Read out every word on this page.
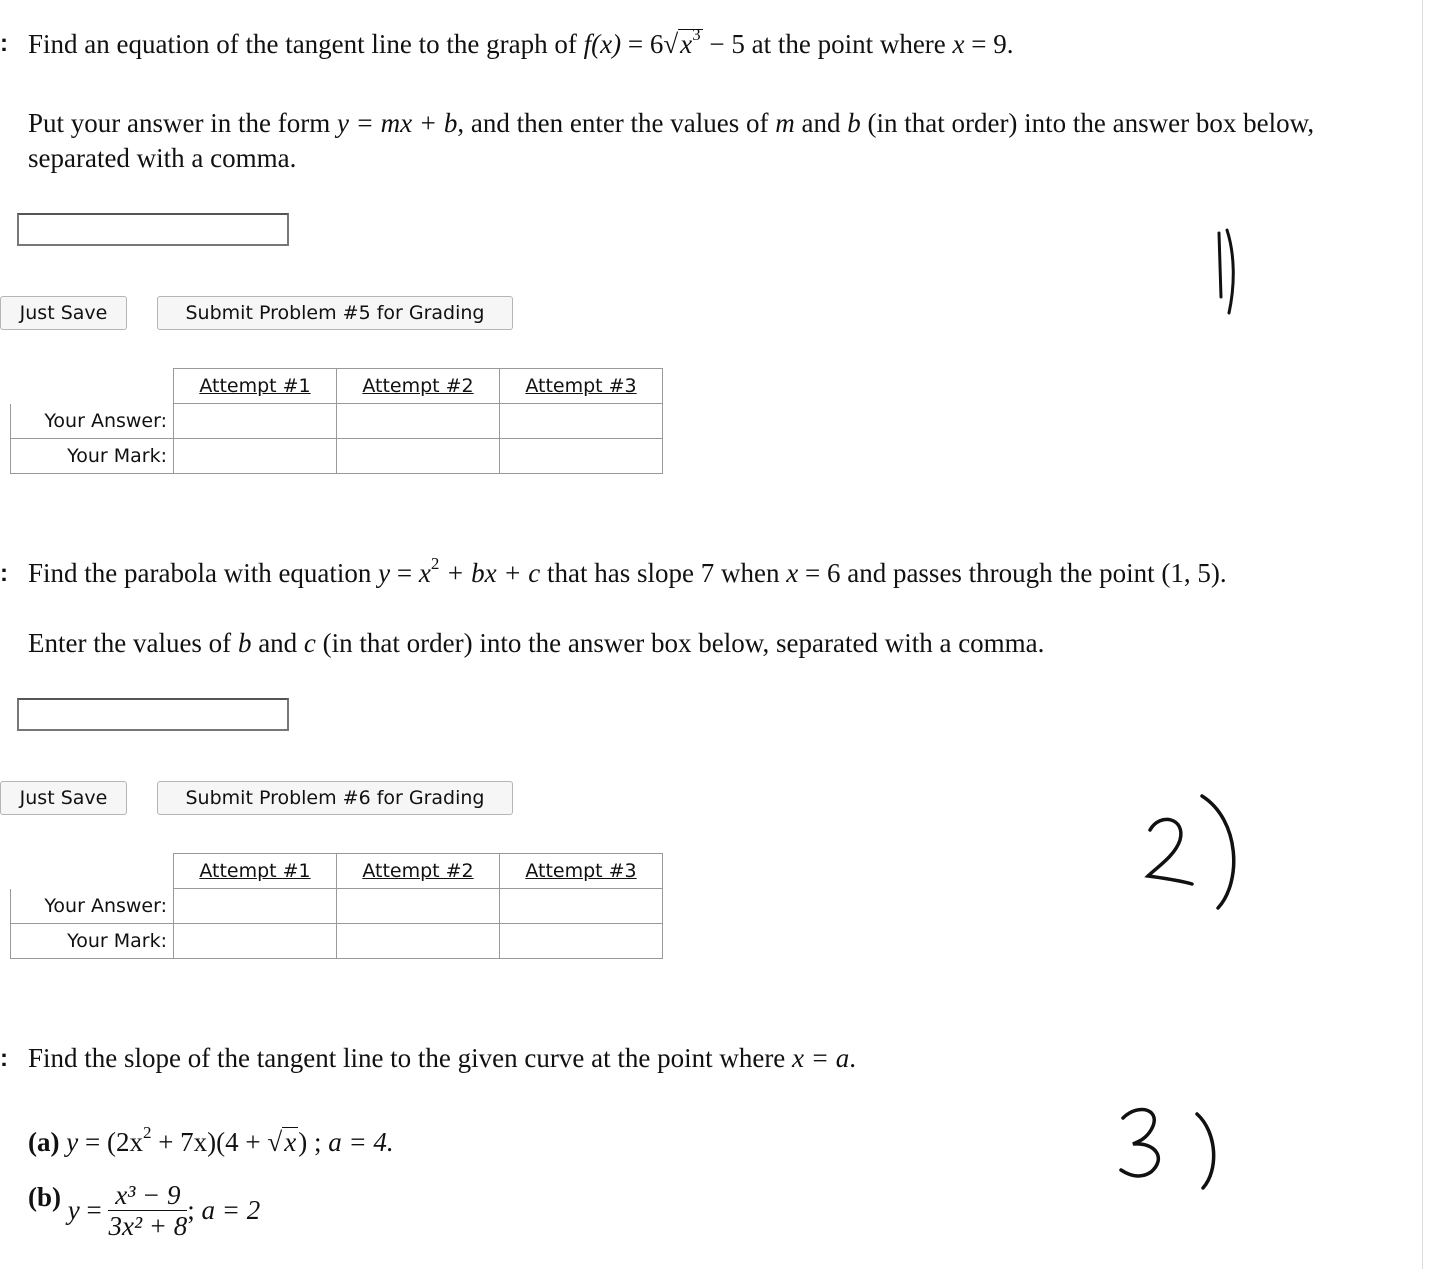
: Find an equation of the tangent line to the graph of $f(x) = 6√x^3 - 5$ at the point where x = 9.
Put your answer in the form y = mx + b, and then enter the values of m and b (in that order) into the answer box below, separated with a comma.
Just Save	Submit Problem #5 for Grading
	Attempt #1	Attempt #2	Attempt #3
Your Answer:			
Your Mark:			
: Find the parabola with equation $y = x^2$ + bx + c that has slope 7 when x = 6 and passes through the point (1, 5).
Enter the values of b and c (in that order) into the answer box below, separated with a comma.
Just Save	Submit Problem #6 for Grading
	Attempt #1	Attempt #2	Attempt #3
Your Answer:			
Your Mark:			
: Find the slope of the tangent line to the given curve at the point where x = a.
(a) $y = (2x^2 + 7x)(4 + √x)$ ; a = 4.
(b) $y = \frac{\text{x³ − 9}}{\text{3x² + 8}}$ ; a = 2
